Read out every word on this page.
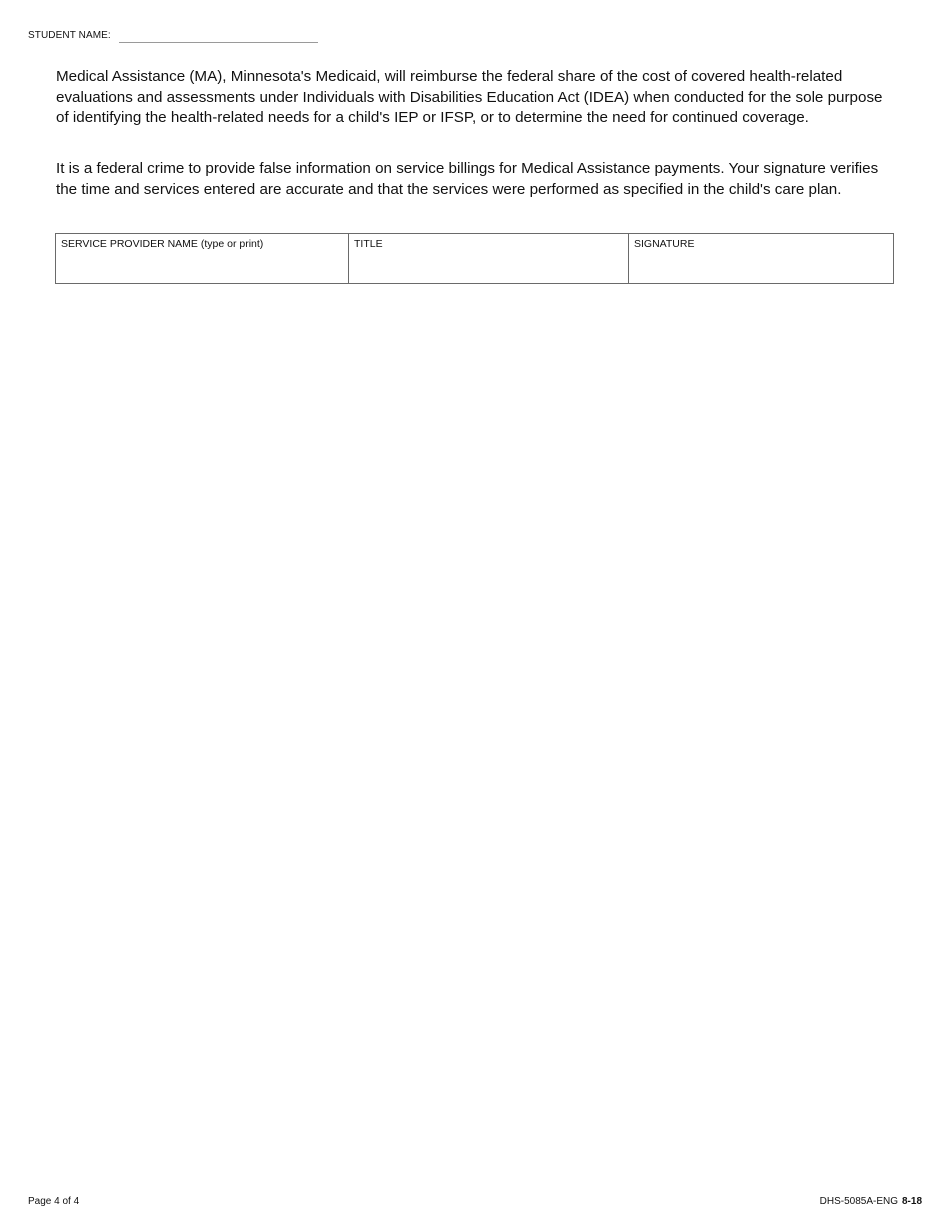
STUDENT NAME:

Medical Assistance (MA), Minnesota's Medicaid, will reimburse the federal share of the cost of covered health-related evaluations and assessments under Individuals with Disabilities Education Act (IDEA) when conducted for the sole purpose of identifying the health-related needs for a child's IEP or IFSP, or to determine the need for continued coverage.

It is a federal crime to provide false information on service billings for Medical Assistance payments. Your signature verifies the time and services entered are accurate and that the services were performed as specified in the child's care plan.

SERVICE PROVIDER NAME (type or print)	TITLE	SIGNATURE
Page 4 of 4	DHS-5085A-ENG 8-18
